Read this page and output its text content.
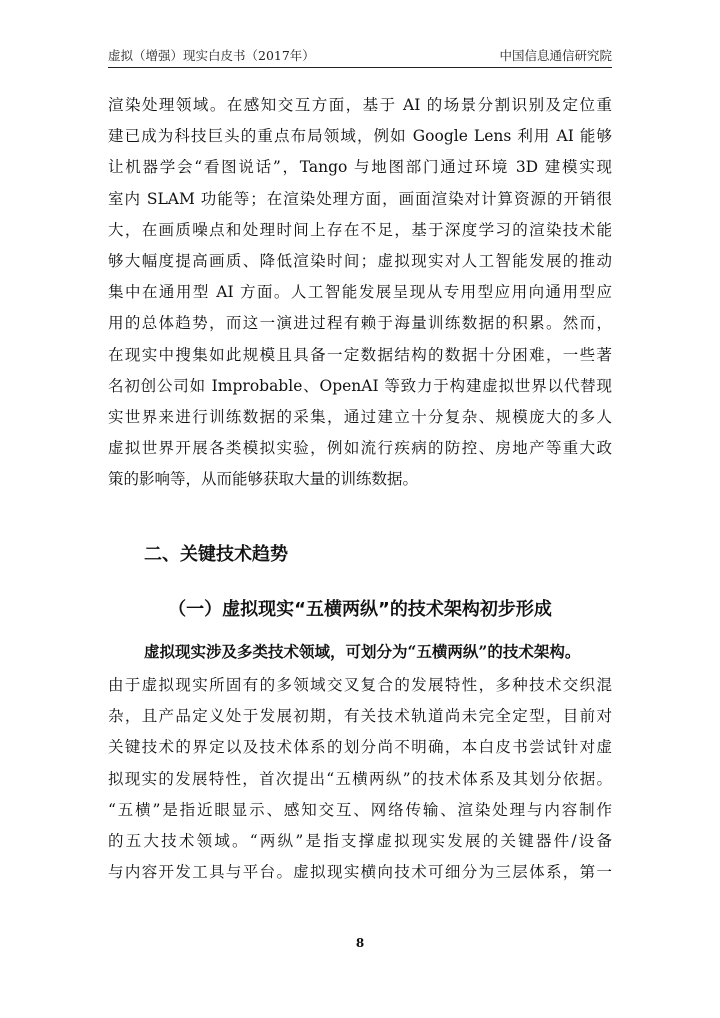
虚拟（增强）现实白皮书（2017年）	中国信息通信研究院
渲染处理领域。在感知交互方面，基于 AI 的场景分割识别及定位重
建已成为科技巨头的重点布局领域，例如 Google Lens 利用 AI 能够
让机器学会“看图说话”，Tango 与地图部门通过环境 3D 建模实现
室内 SLAM 功能等；在渲染处理方面，画面渲染对计算资源的开销很
大，在画质噪点和处理时间上存在不足，基于深度学习的渲染技术能
够大幅度提高画质、降低渲染时间；虚拟现实对人工智能发展的推动
集中在通用型 AI 方面。人工智能发展呈现从专用型应用向通用型应
用的总体趋势，而这一演进过程有赖于海量训练数据的积累。然而，
在现实中搜集如此规模且具备一定数据结构的数据十分困难，一些著
名初创公司如 Improbable、OpenAI 等致力于构建虚拟世界以代替现
实世界来进行训练数据的采集，通过建立十分复杂、规模庞大的多人
虚拟世界开展各类模拟实验，例如流行疾病的防控、房地产等重大政
策的影响等，从而能够获取大量的训练数据。
二、关键技术趋势
（一）虚拟现实“五横两纵”的技术架构初步形成
虚拟现实涉及多类技术领域，可划分为“五横两纵”的技术架构。
由于虚拟现实所固有的多领域交叉复合的发展特性，多种技术交织混
杂，且产品定义处于发展初期，有关技术轨道尚未完全定型，目前对
关键技术的界定以及技术体系的划分尚不明确，本白皮书尝试针对虚
拟现实的发展特性，首次提出“五横两纵”的技术体系及其划分依据。
“五横”是指近眼显示、感知交互、网络传输、渲染处理与内容制作
的五大技术领域。“两纵”是指支撑虚拟现实发展的关键器件/设备
与内容开发工具与平台。虚拟现实横向技术可细分为三层体系，第一
8
